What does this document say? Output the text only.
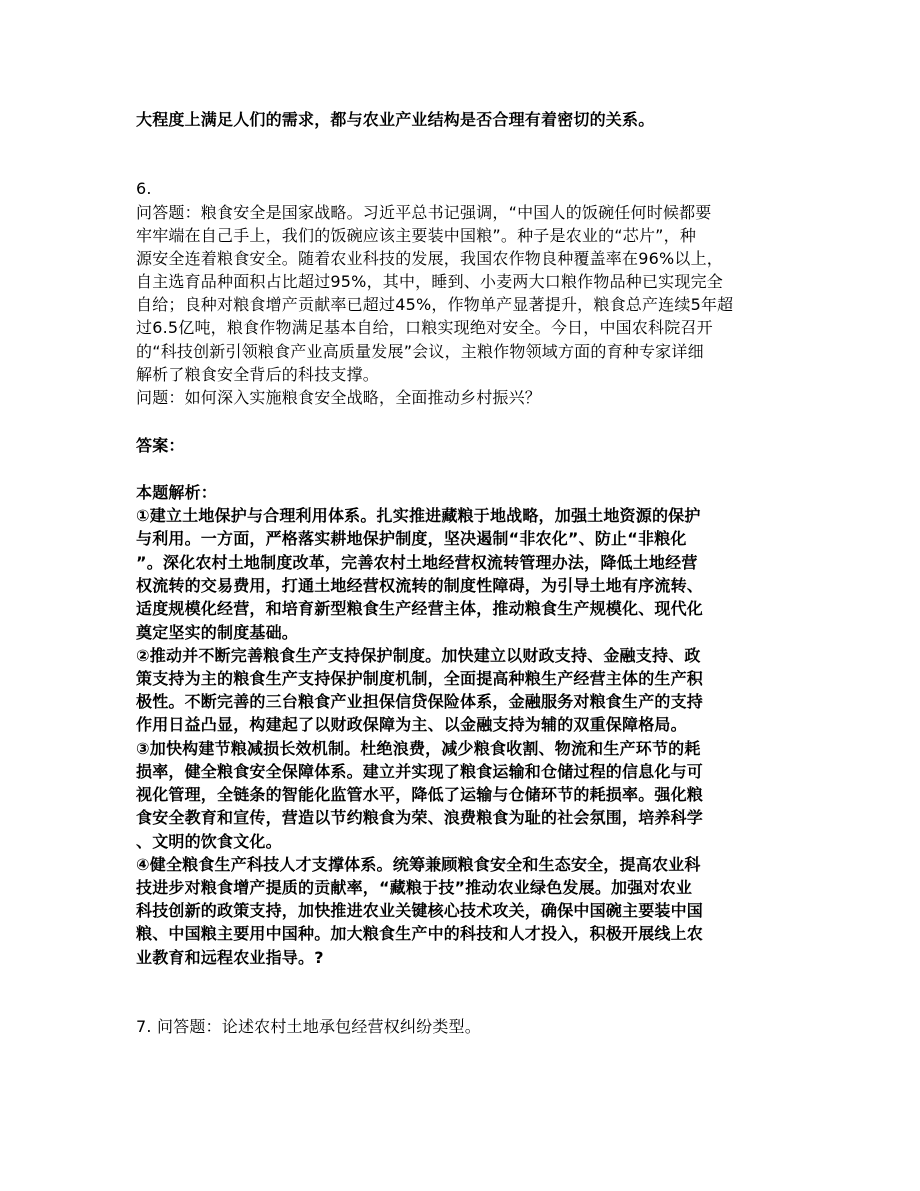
大程度上满足人们的需求，都与农业产业结构是否合理有着密切的关系。
6.
问答题：粮食安全是国家战略。习近平总书记强调，“中国人的饭碗任何时候都要
牢牢端在自己手上，我们的饭碗应该主要装中国粮”。种子是农业的“芯片”，种
源安全连着粮食安全。随着农业科技的发展，我国农作物良种覆盖率在96%以上，
自主选育品种面积占比超过95%，其中，睡到、小麦两大口粮作物品种已实现完全
自给；良种对粮食增产贡献率已超过45%，作物单产显著提升，粮食总产连续5年超
过6.5亿吨，粮食作物满足基本自给，口粮实现绝对安全。今日，中国农科院召开
的“科技创新引领粮食产业高质量发展”会议，主粮作物领域方面的育种专家详细
解析了粮食安全背后的科技支撑。
问题：如何深入实施粮食安全战略，全面推动乡村振兴？
答案：
本题解析：
①建立土地保护与合理利用体系。扎实推进藏粮于地战略，加强土地资源的保护
与利用。一方面，严格落实耕地保护制度，坚决遏制“非农化”、防止“非粮化
”。深化农村土地制度改革，完善农村土地经营权流转管理办法，降低土地经营
权流转的交易费用，打通土地经营权流转的制度性障碍，为引导土地有序流转、
适度规模化经营，和培育新型粮食生产经营主体，推动粮食生产规模化、现代化
奠定坚实的制度基础。
②推动并不断完善粮食生产支持保护制度。加快建立以财政支持、金融支持、政
策支持为主的粮食生产支持保护制度机制，全面提高种粮生产经营主体的生产积
极性。不断完善的三台粮食产业担保信贷保险体系，金融服务对粮食生产的支持
作用日益凸显，构建起了以财政保障为主、以金融支持为辅的双重保障格局。
③加快构建节粮减损长效机制。杜绝浪费，减少粮食收割、物流和生产环节的耗
损率，健全粮食安全保障体系。建立并实现了粮食运输和仓储过程的信息化与可
视化管理，全链条的智能化监管水平，降低了运输与仓储环节的耗损率。强化粮
食安全教育和宣传，营造以节约粮食为荣、浪费粮食为耻的社会氛围，培养科学
、文明的饮食文化。
④健全粮食生产科技人才支撑体系。统筹兼顾粮食安全和生态安全，提高农业科
技进步对粮食增产提质的贡献率，“藏粮于技”推动农业绿色发展。加强对农业
科技创新的政策支持，加快推进农业关键核心技术攻关，确保中国碗主要装中国
粮、中国粮主要用中国种。加大粮食生产中的科技和人才投入，积极开展线上农
业教育和远程农业指导。?
7. 问答题：论述农村土地承包经营权纠纷类型。
